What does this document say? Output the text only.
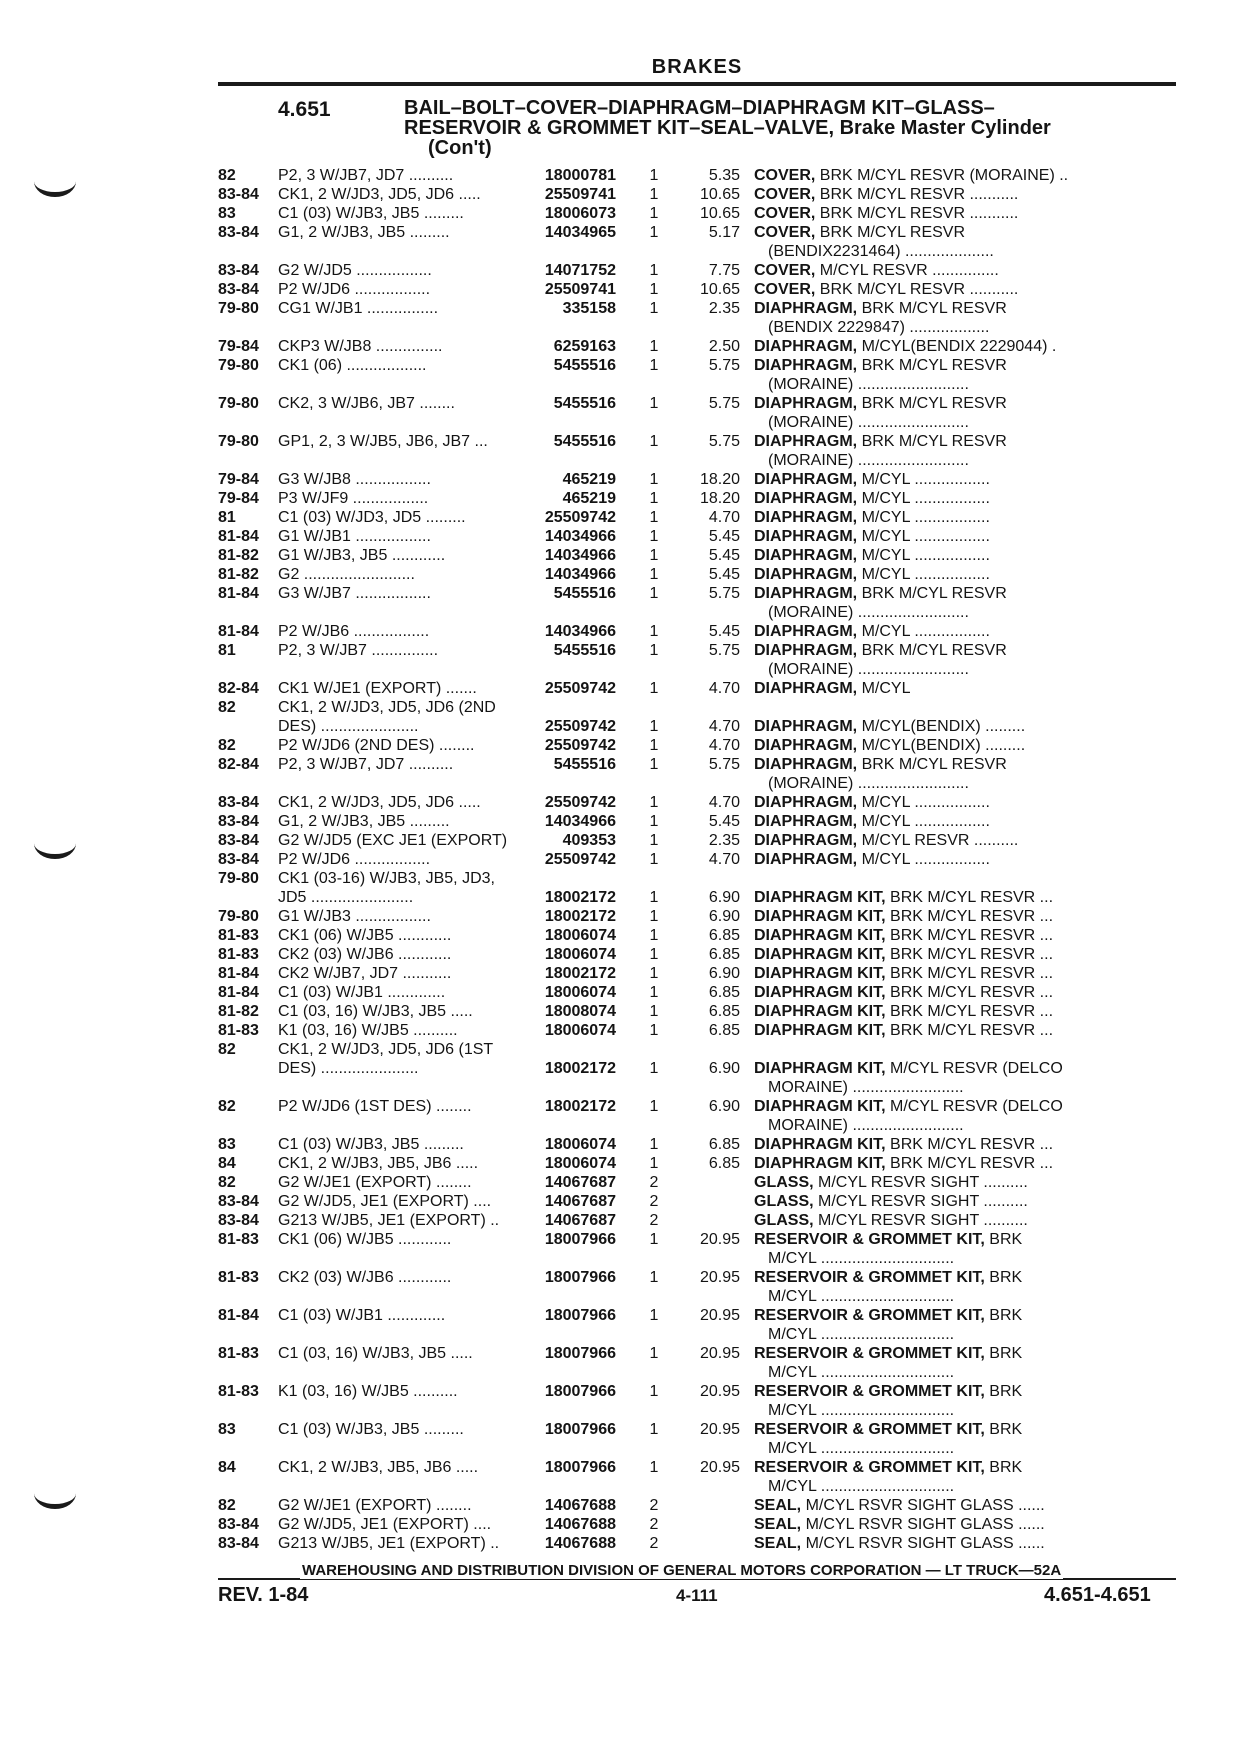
BRAKES
4.651	BAIL–BOLT–COVER–DIAPHRAGM–DIAPHRAGM KIT–GLASS–
RESERVOIR & GROMMET KIT–SEAL–VALVE, Brake Master Cylinder
(Con't)
82	P2, 3 W/JB7, JD7 ..........	18000781	1	5.35 COVER, BRK M/CYL RESVR (MORAINE) ..
83-84	CK1, 2 W/JD3, JD5, JD6 .....	25509741	1	10.65 COVER, BRK M/CYL RESVR ...........
83	C1 (03) W/JB3, JB5 .........	18006073	1	10.65 COVER, BRK M/CYL RESVR ...........
83-84	G1, 2 W/JB3, JB5 .........	14034965	1	5.17 COVER, BRK M/CYL RESVR
(BENDIX2231464) ....................
83-84	G2 W/JD5 .................	14071752	1	7.75 COVER, M/CYL RESVR ...............
83-84	P2 W/JD6 .................	25509741	1	10.65 COVER, BRK M/CYL RESVR ...........
79-80	CG1 W/JB1 ................	335158	1	2.35 DIAPHRAGM, BRK M/CYL RESVR
(BENDIX 2229847) ..................
79-84	CKP3 W/JB8 ...............	6259163	1	2.50 DIAPHRAGM, M/CYL(BENDIX 2229044) .
79-80	CK1 (06) ..................	5455516	1	5.75 DIAPHRAGM, BRK M/CYL RESVR
(MORAINE) .........................
79-80	CK2, 3 W/JB6, JB7 ........	5455516	1	5.75 DIAPHRAGM, BRK M/CYL RESVR
(MORAINE) .........................
79-80	GP1, 2, 3 W/JB5, JB6, JB7 ...	5455516	1	5.75 DIAPHRAGM, BRK M/CYL RESVR
(MORAINE) .........................
79-84	G3 W/JB8 .................	465219	1	18.20 DIAPHRAGM, M/CYL .................
79-84	P3 W/JF9 .................	465219	1	18.20 DIAPHRAGM, M/CYL .................
81	C1 (03) W/JD3, JD5 .........	25509742	1	4.70 DIAPHRAGM, M/CYL .................
81-84	G1 W/JB1 .................	14034966	1	5.45 DIAPHRAGM, M/CYL .................
81-82	G1 W/JB3, JB5 ............	14034966	1	5.45 DIAPHRAGM, M/CYL .................
81-82	G2 .........................	14034966	1	5.45 DIAPHRAGM, M/CYL .................
81-84	G3 W/JB7 .................	5455516	1	5.75 DIAPHRAGM, BRK M/CYL RESVR
(MORAINE) .........................
81-84	P2 W/JB6 .................	14034966	1	5.45 DIAPHRAGM, M/CYL .................
81	P2, 3 W/JB7 ...............	5455516	1	5.75 DIAPHRAGM, BRK M/CYL RESVR
(MORAINE) .........................
82-84	CK1 W/JE1 (EXPORT) .......	25509742	1	4.70 DIAPHRAGM, M/CYL
82	CK1, 2 W/JD3, JD5, JD6 (2ND
DES) ......................	25509742	1	4.70 DIAPHRAGM, M/CYL(BENDIX) .........
82	P2 W/JD6 (2ND DES) ........	25509742	1	4.70 DIAPHRAGM, M/CYL(BENDIX) .........
82-84	P2, 3 W/JB7, JD7 ..........	5455516	1	5.75 DIAPHRAGM, BRK M/CYL RESVR
(MORAINE) .........................
83-84	CK1, 2 W/JD3, JD5, JD6 .....	25509742	1	4.70 DIAPHRAGM, M/CYL .................
83-84	G1, 2 W/JB3, JB5 .........	14034966	1	5.45 DIAPHRAGM, M/CYL .................
83-84	G2 W/JD5 (EXC JE1 (EXPORT)	409353	1	2.35 DIAPHRAGM, M/CYL RESVR ..........
83-84	P2 W/JD6 .................	25509742	1	4.70 DIAPHRAGM, M/CYL .................
79-80	CK1 (03-16) W/JB3, JB5, JD3,
JD5 .......................	18002172	1	6.90 DIAPHRAGM KIT, BRK M/CYL RESVR ...
79-80	G1 W/JB3 .................	18002172	1	6.90 DIAPHRAGM KIT, BRK M/CYL RESVR ...
81-83	CK1 (06) W/JB5 ............	18006074	1	6.85 DIAPHRAGM KIT, BRK M/CYL RESVR ...
81-83	CK2 (03) W/JB6 ............	18006074	1	6.85 DIAPHRAGM KIT, BRK M/CYL RESVR ...
81-84	CK2 W/JB7, JD7 ...........	18002172	1	6.90 DIAPHRAGM KIT, BRK M/CYL RESVR ...
81-84	C1 (03) W/JB1 .............	18006074	1	6.85 DIAPHRAGM KIT, BRK M/CYL RESVR ...
81-82	C1 (03, 16) W/JB3, JB5 .....	18008074	1	6.85 DIAPHRAGM KIT, BRK M/CYL RESVR ...
81-83	K1 (03, 16) W/JB5 ..........	18006074	1	6.85 DIAPHRAGM KIT, BRK M/CYL RESVR ...
82	CK1, 2 W/JD3, JD5, JD6 (1ST
DES) ......................	18002172	1	6.90 DIAPHRAGM KIT, M/CYL RESVR (DELCO
MORAINE) .........................
82	P2 W/JD6 (1ST DES) ........	18002172	1	6.90 DIAPHRAGM KIT, M/CYL RESVR (DELCO
MORAINE) .........................
83	C1 (03) W/JB3, JB5 .........	18006074	1	6.85 DIAPHRAGM KIT, BRK M/CYL RESVR ...
84	CK1, 2 W/JB3, JB5, JB6 .....	18006074	1	6.85 DIAPHRAGM KIT, BRK M/CYL RESVR ...
82	G2 W/JE1 (EXPORT) ........	14067687	2	GLASS, M/CYL RESVR SIGHT ..........
83-84	G2 W/JD5, JE1 (EXPORT) ....	14067687	2	GLASS, M/CYL RESVR SIGHT ..........
83-84	G213 W/JB5, JE1 (EXPORT) ..	14067687	2	GLASS, M/CYL RESVR SIGHT ..........
81-83	CK1 (06) W/JB5 ............	18007966	1	20.95 RESERVOIR & GROMMET KIT, BRK
M/CYL ..............................
81-83	CK2 (03) W/JB6 ............	18007966	1	20.95 RESERVOIR & GROMMET KIT, BRK
M/CYL ..............................
81-84	C1 (03) W/JB1 .............	18007966	1	20.95 RESERVOIR & GROMMET KIT, BRK
M/CYL ..............................
81-83	C1 (03, 16) W/JB3, JB5 .....	18007966	1	20.95 RESERVOIR & GROMMET KIT, BRK
M/CYL ..............................
81-83	K1 (03, 16) W/JB5 ..........	18007966	1	20.95 RESERVOIR & GROMMET KIT, BRK
M/CYL ..............................
83	C1 (03) W/JB3, JB5 .........	18007966	1	20.95 RESERVOIR & GROMMET KIT, BRK
M/CYL ..............................
84	CK1, 2 W/JB3, JB5, JB6 .....	18007966	1	20.95 RESERVOIR & GROMMET KIT, BRK
M/CYL ..............................
82	G2 W/JE1 (EXPORT) ........	14067688	2	SEAL, M/CYL RSVR SIGHT GLASS ......
83-84	G2 W/JD5, JE1 (EXPORT) ....	14067688	2	SEAL, M/CYL RSVR SIGHT GLASS ......
83-84	G213 W/JB5, JE1 (EXPORT) ..	14067688	2	SEAL, M/CYL RSVR SIGHT GLASS ......
WAREHOUSING AND DISTRIBUTION DIVISION OF GENERAL MOTORS CORPORATION — LT TRUCK—52A
REV. 1-84	4-111	4.651-4.651
